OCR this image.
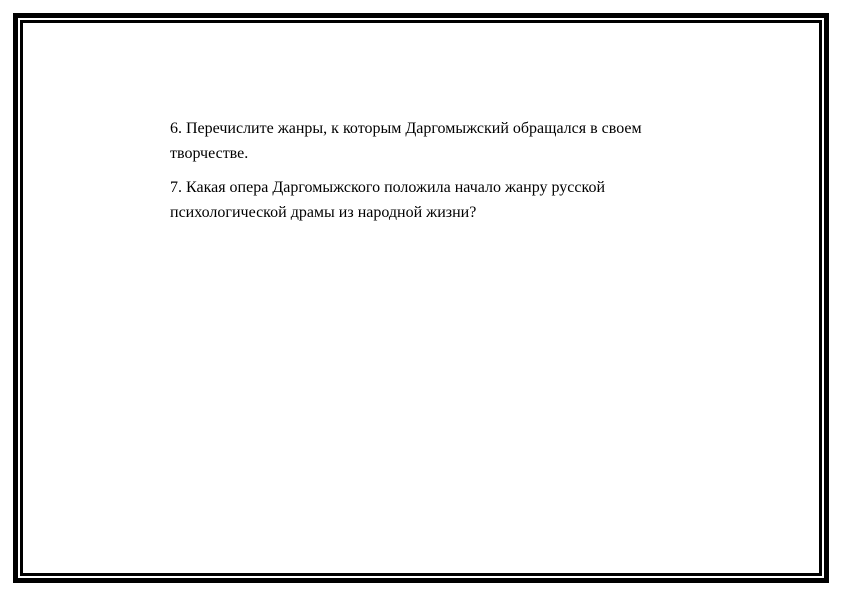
6. Перечислите жанры, к которым Даргомыжский обращался в своем
творчестве.

7. Какая опера Даргомыжского положила начало жанру русской
психологической драмы из народной жизни?
